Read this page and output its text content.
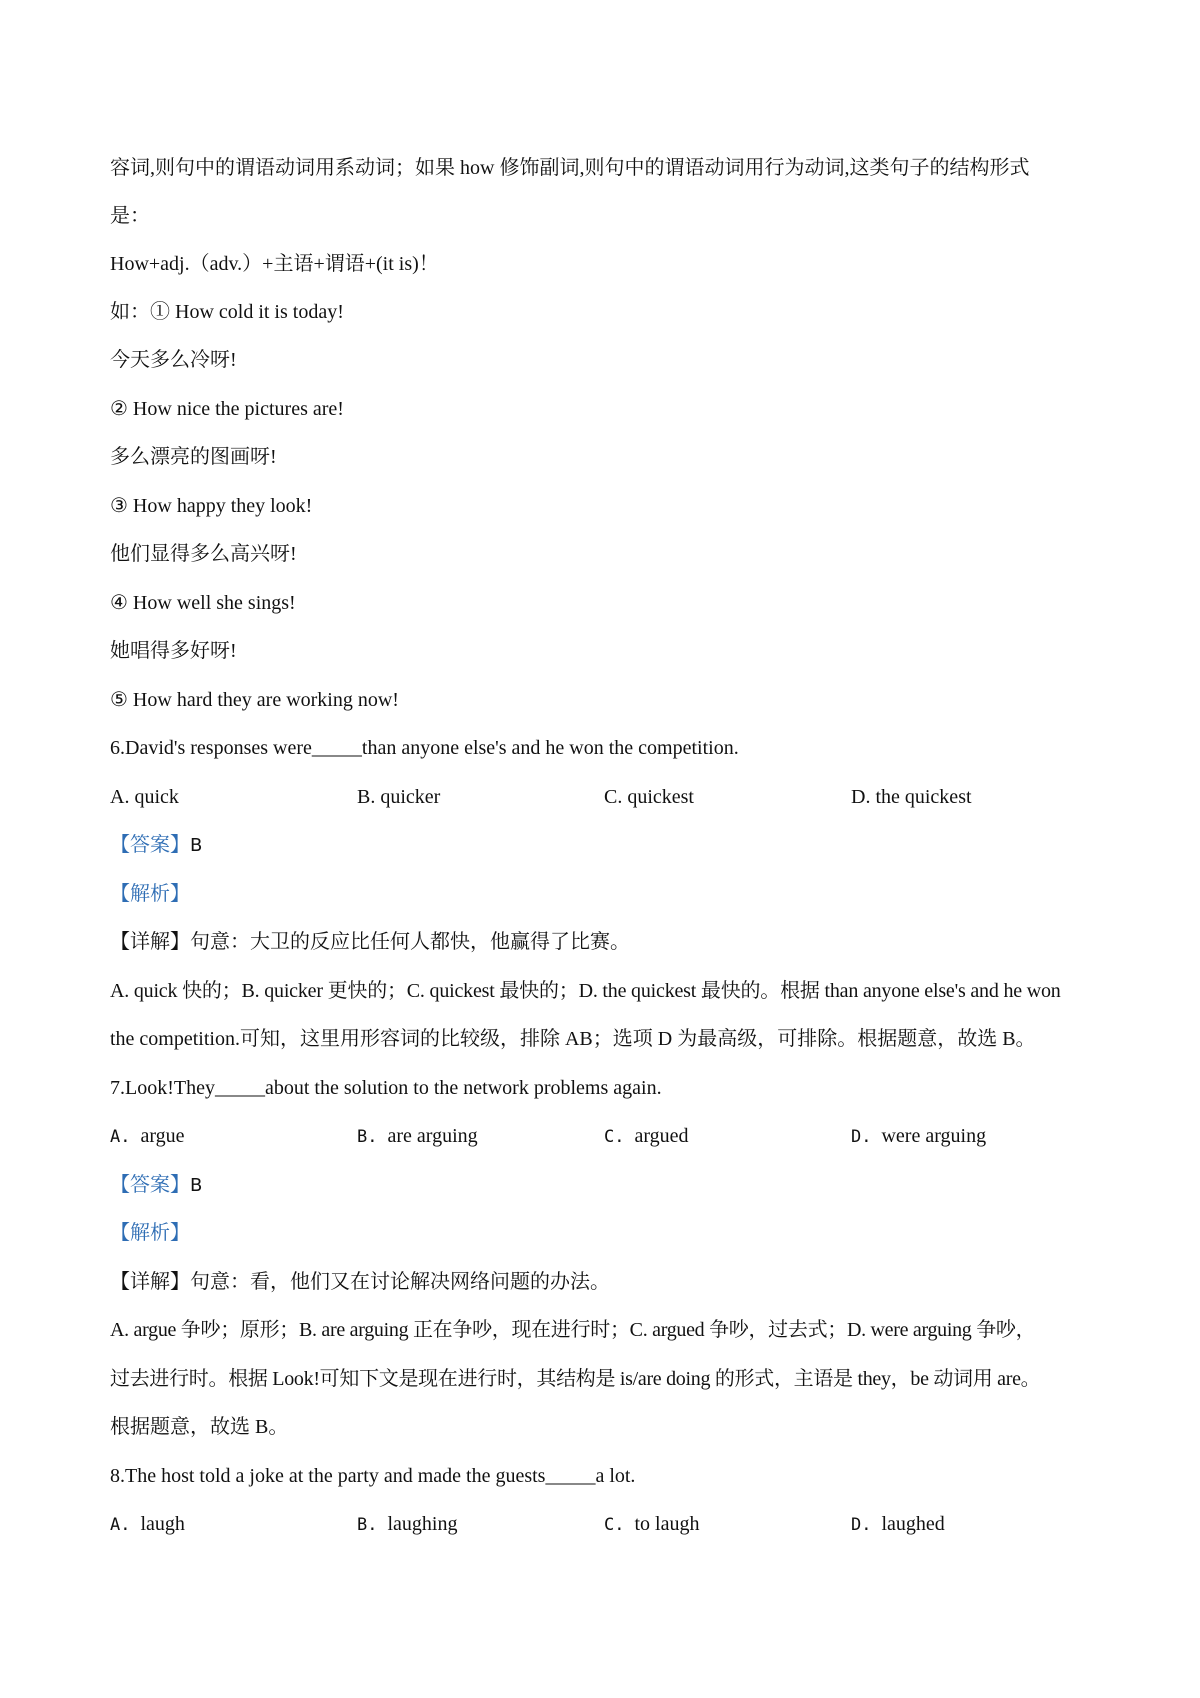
容词,则句中的谓语动词用系动词；如果 how 修饰副词,则句中的谓语动词用行为动词,这类句子的结构形式
是：
How+adj.（adv.）+主语+谓语+(it is)！
如：① How cold it is today!
今天多么冷呀!
② How nice the pictures are!
多么漂亮的图画呀!
③ How happy they look!
他们显得多么高兴呀!
④ How well she sings!
她唱得多好呀!
⑤ How hard they are working now!
6.David's responses were_____than anyone else's and he won the competition.
A. quick	B. quicker	C. quickest	D. the quickest
【答案】B
【解析】
【详解】句意：大卫的反应比任何人都快，他赢得了比赛。
A. quick 快的；B. quicker 更快的；C. quickest 最快的；D. the quickest 最快的。根据 than anyone else's and he won
the competition.可知，这里用形容词的比较级，排除 AB；选项 D 为最高级，可排除。根据题意，故选 B。
7.Look!They_____about the solution to the network problems again.
A. argue	B. are arguing	C. argued	D. were arguing
【答案】B
【解析】
【详解】句意：看，他们又在讨论解决网络问题的办法。
A. argue 争吵；原形；B. are arguing 正在争吵，现在进行时；C. argued 争吵，过去式；D. were arguing 争吵，
过去进行时。根据 Look!可知下文是现在进行时，其结构是 is/are doing 的形式，主语是 they，be 动词用 are。
根据题意，故选 B。
8.The host told a joke at the party and made the guests_____a lot.
A. laugh	B. laughing	C. to laugh	D. laughed
